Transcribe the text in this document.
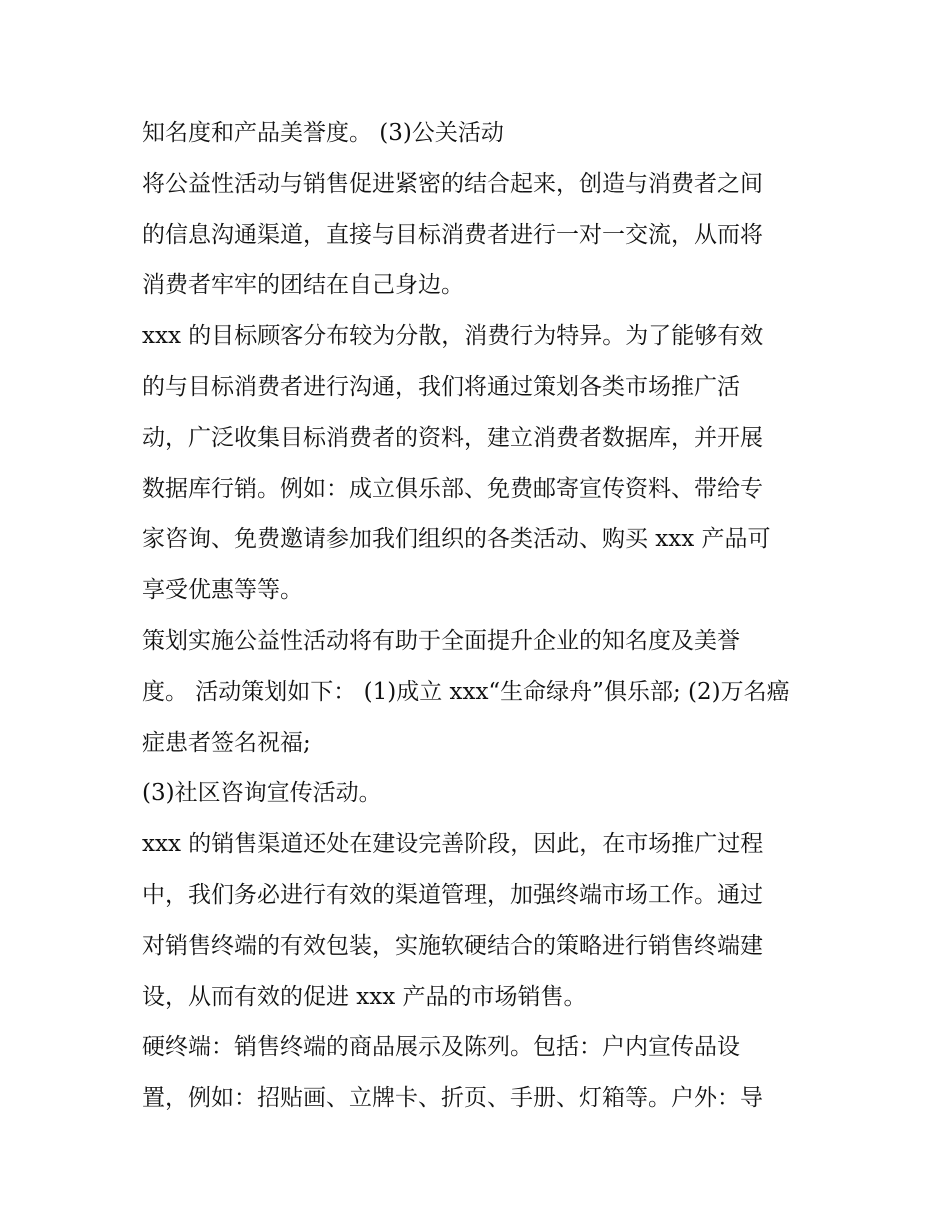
知名度和产品美誉度。 (3)公关活动
将公益性活动与销售促进紧密的结合起来，创造与消费者之间
的信息沟通渠道，直接与目标消费者进行一对一交流，从而将
消费者牢牢的团结在自己身边。
xxx 的目标顾客分布较为分散，消费行为特异。为了能够有效
的与目标消费者进行沟通，我们将通过策划各类市场推广活
动，广泛收集目标消费者的资料，建立消费者数据库，并开展
数据库行销。例如：成立俱乐部、免费邮寄宣传资料、带给专
家咨询、免费邀请参加我们组织的各类活动、购买 xxx 产品可
享受优惠等等。
策划实施公益性活动将有助于全面提升企业的知名度及美誉
度。 活动策划如下： (1)成立 xxx“生命绿舟”俱乐部; (2)万名癌
症患者签名祝福;
(3)社区咨询宣传活动。
xxx 的销售渠道还处在建设完善阶段，因此，在市场推广过程
中，我们务必进行有效的渠道管理，加强终端市场工作。通过
对销售终端的有效包装，实施软硬结合的策略进行销售终端建
设，从而有效的促进 xxx 产品的市场销售。
硬终端：销售终端的商品展示及陈列。包括：户内宣传品设
置，例如：招贴画、立牌卡、折页、手册、灯箱等。户外：导
